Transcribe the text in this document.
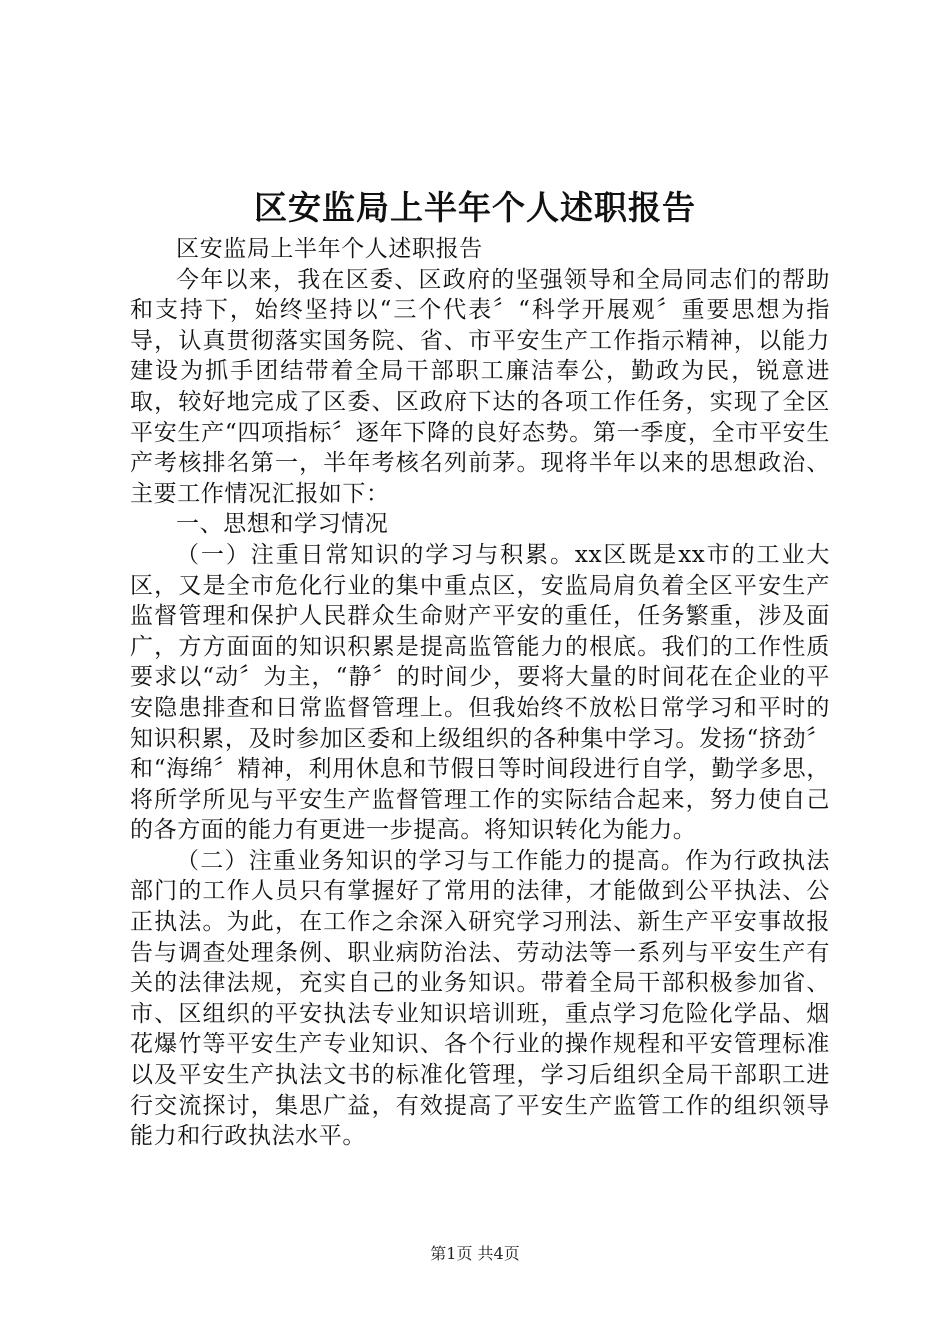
区安监局上半年个人述职报告

区安监局上半年个人述职报告

今年以来，我在区委、区政府的坚强领导和全局同志们的帮助和支持下，始终坚持以“三个代表〞“科学开展观〞重要思想为指导，认真贯彻落实国务院、省、市平安生产工作指示精神，以能力建设为抓手团结带着全局干部职工廉洁奉公，勤政为民，锐意进取，较好地完成了区委、区政府下达的各项工作任务，实现了全区平安生产“四项指标〞逐年下降的良好态势。第一季度，全市平安生产考核排名第一，半年考核名列前茅。现将半年以来的思想政治、主要工作情况汇报如下：

一、思想和学习情况

（一）注重日常知识的学习与积累。xx区既是xx市的工业大区，又是全市危化行业的集中重点区，安监局肩负着全区平安生产监督管理和保护人民群众生命财产平安的重任，任务繁重，涉及面广，方方面面的知识积累是提高监管能力的根底。我们的工作性质要求以“动〞为主，“静〞的时间少，要将大量的时间花在企业的平安隐患排查和日常监督管理上。但我始终不放松日常学习和平时的知识积累，及时参加区委和上级组织的各种集中学习。发扬“挤劲〞和“海绵〞精神，利用休息和节假日等时间段进行自学，勤学多思，将所学所见与平安生产监督管理工作的实际结合起来，努力使自己的各方面的能力有更进一步提高。将知识转化为能力。

（二）注重业务知识的学习与工作能力的提高。作为行政执法部门的工作人员只有掌握好了常用的法律，才能做到公平执法、公正执法。为此，在工作之余深入研究学习刑法、新生产平安事故报告与调查处理条例、职业病防治法、劳动法等一系列与平安生产有关的法律法规，充实自己的业务知识。带着全局干部积极参加省、市、区组织的平安执法专业知识培训班，重点学习危险化学品、烟花爆竹等平安生产专业知识、各个行业的操作规程和平安管理标准以及平安生产执法文书的标准化管理，学习后组织全局干部职工进行交流探讨，集思广益，有效提高了平安生产监管工作的组织领导能力和行政执法水平。

第1页 共4页
